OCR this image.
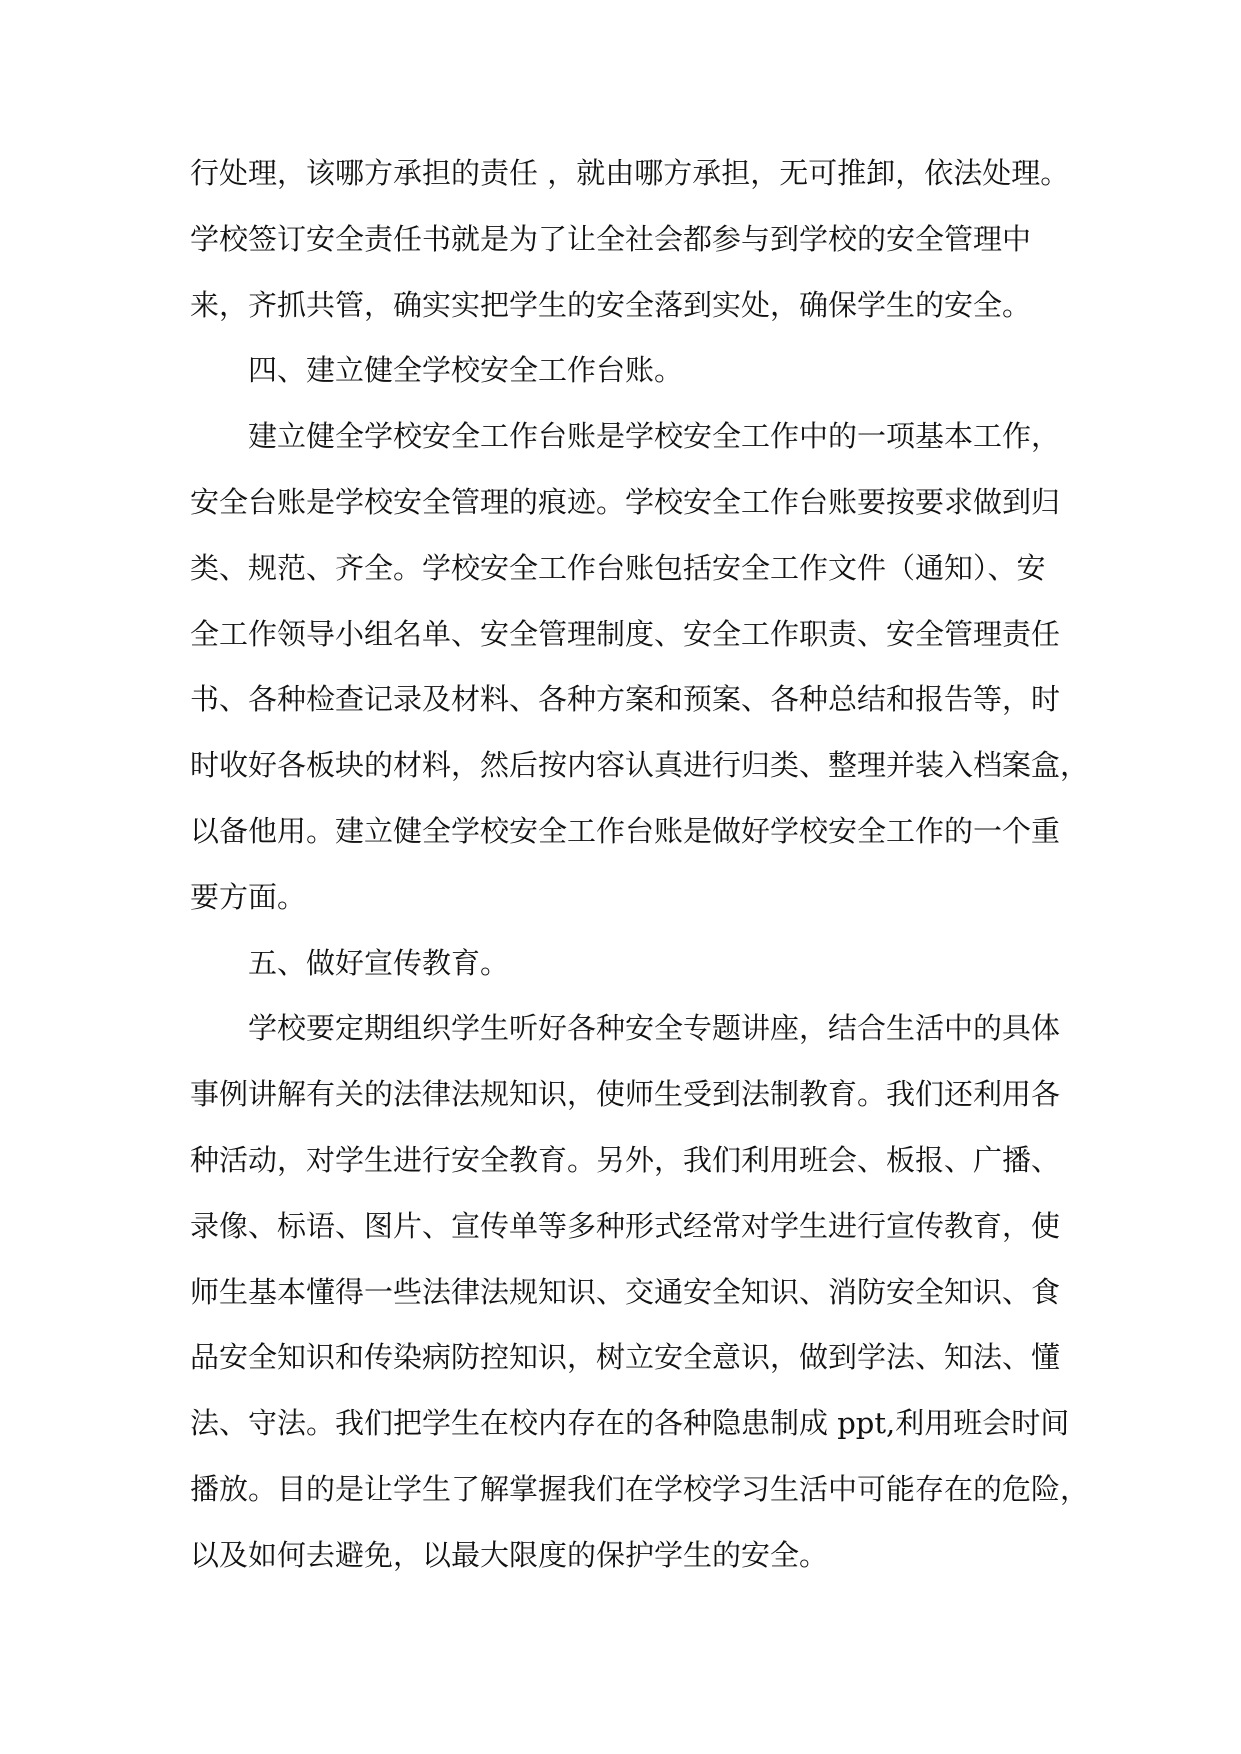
行处理，该哪方承担的责任 ，就由哪方承担，无可推卸，依法处理。
学校签订安全责任书就是为了让全社会都参与到学校的安全管理中
来，齐抓共管，确实实把学生的安全落到实处，确保学生的安全。
四、建立健全学校安全工作台账。
建立健全学校安全工作台账是学校安全工作中的一项基本工作，
安全台账是学校安全管理的痕迹。学校安全工作台账要按要求做到归
类、规范、齐全。学校安全工作台账包括安全工作文件（通知）、安
全工作领导小组名单、安全管理制度、安全工作职责、安全管理责任
书、各种检查记录及材料、各种方案和预案、各种总结和报告等，时
时收好各板块的材料，然后按内容认真进行归类、整理并装入档案盒，
以备他用。建立健全学校安全工作台账是做好学校安全工作的一个重
要方面。
五、做好宣传教育。
学校要定期组织学生听好各种安全专题讲座，结合生活中的具体
事例讲解有关的法律法规知识，使师生受到法制教育。我们还利用各
种活动，对学生进行安全教育。另外，我们利用班会、板报、广播、
录像、标语、图片、宣传单等多种形式经常对学生进行宣传教育，使
师生基本懂得一些法律法规知识、交通安全知识、消防安全知识、食
品安全知识和传染病防控知识，树立安全意识，做到学法、知法、懂
法、守法。我们把学生在校内存在的各种隐患制成 ppt,利用班会时间
播放。目的是让学生了解掌握我们在学校学习生活中可能存在的危险，
以及如何去避免，以最大限度的保护学生的安全。
